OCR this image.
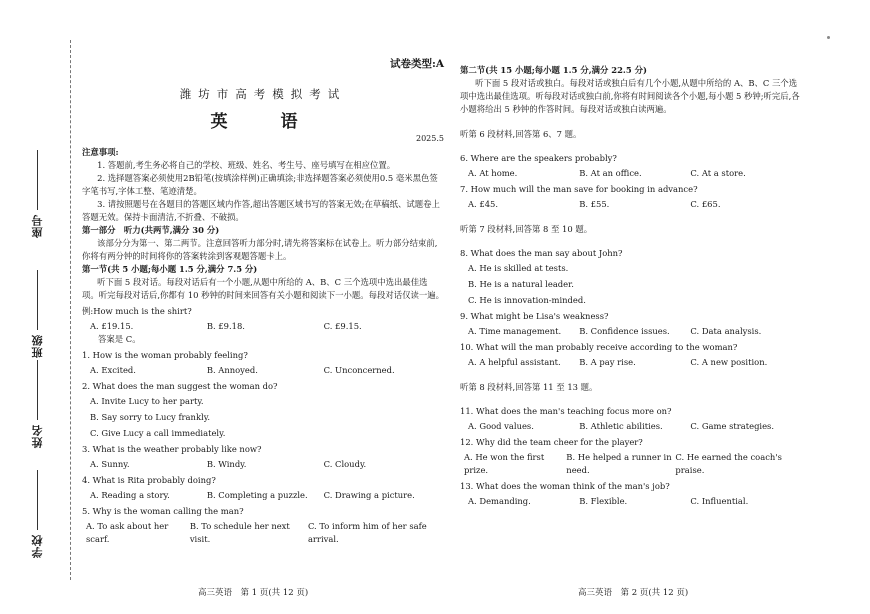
座号
班级
姓名
学校
试卷类型:A
潍坊市高考模拟考试
英　语
2025.5

注意事项:

1. 答题前,考生务必将自己的学校、班级、姓名、考生号、座号填写在相应位置。

2. 选择题答案必须使用2B铅笔(按填涂样例)正确填涂;非选择题答案必须使用0.5 毫米黑色签字笔书写,字体工整、笔迹清楚。

3. 请按照题号在各题目的答题区域内作答,超出答题区域书写的答案无效;在草稿纸、试题卷上答题无效。保持卡面清洁,不折叠、不破损。

第一部分　听力(共两节,满分 30 分)

该部分分为第一、第二两节。注意回答听力部分时,请先将答案标在试卷上。听力部分结束前,你将有两分钟的时间将你的答案转涂到客观题答题卡上。

第一节(共 5 小题;每小题 1.5 分,满分 7.5 分)

听下面 5 段对话。每段对话后有一个小题,从题中所给的 A、B、C 三个选项中选出最佳选项。听完每段对话后,你都有 10 秒钟的时间来回答有关小题和阅读下一小题。每段对话仅读一遍。

例:How much is the shirt?

A. £19.15.	B. £9.18.	C. £9.15.

答案是 C。

1. How is the woman probably feeling?

A. Excited.	B. Annoyed.	C. Unconcerned.

2. What does the man suggest the woman do?

A. Invite Lucy to her party.
B. Say sorry to Lucy frankly.
C. Give Lucy a call immediately.

3. What is the weather probably like now?

A. Sunny.	B. Windy.	C. Cloudy.

4. What is Rita probably doing?

A. Reading a story.	B. Completing a puzzle.	C. Drawing a picture.

5. Why is the woman calling the man?

A. To ask about her scarf.
B. To schedule her next visit.
C. To inform him of her safe arrival.

第二节(共 15 小题;每小题 1.5 分,满分 22.5 分)

听下面 5 段对话或独白。每段对话或独白后有几个小题,从题中所给的 A、B、C 三个选项中选出最佳选项。听每段对话或独白前,你将有时间阅读各个小题,每小题 5 秒钟;听完后,各小题将给出 5 秒钟的作答时间。每段对话或独白读两遍。

听第 6 段材料,回答第 6、7 题。

6. Where are the speakers probably?

A. At home.	B. At an office.	C. At a store.

7. How much will the man save for booking in advance?

A. £45.	B. £55.	C. £65.

听第 7 段材料,回答第 8 至 10 题。

8. What does the man say about John?

A. He is skilled at tests.
B. He is a natural leader.
C. He is innovation-minded.

9. What might be Lisa's weakness?

A. Time management.	B. Confidence issues.	C. Data analysis.

10. What will the man probably receive according to the woman?

A. A helpful assistant.	B. A pay rise.	C. A new position.

听第 8 段材料,回答第 11 至 13 题。

11. What does the man's teaching focus more on?

A. Good values.	B. Athletic abilities.	C. Game strategies.

12. Why did the team cheer for the player?

A. He won the first prize.
B. He helped a runner in need.
C. He earned the coach's praise.

13. What does the woman think of the man's job?

A. Demanding.	B. Flexible.	C. Influential.
高三英语　第 1 页(共 12 页)	高三英语　第 2 页(共 12 页)
